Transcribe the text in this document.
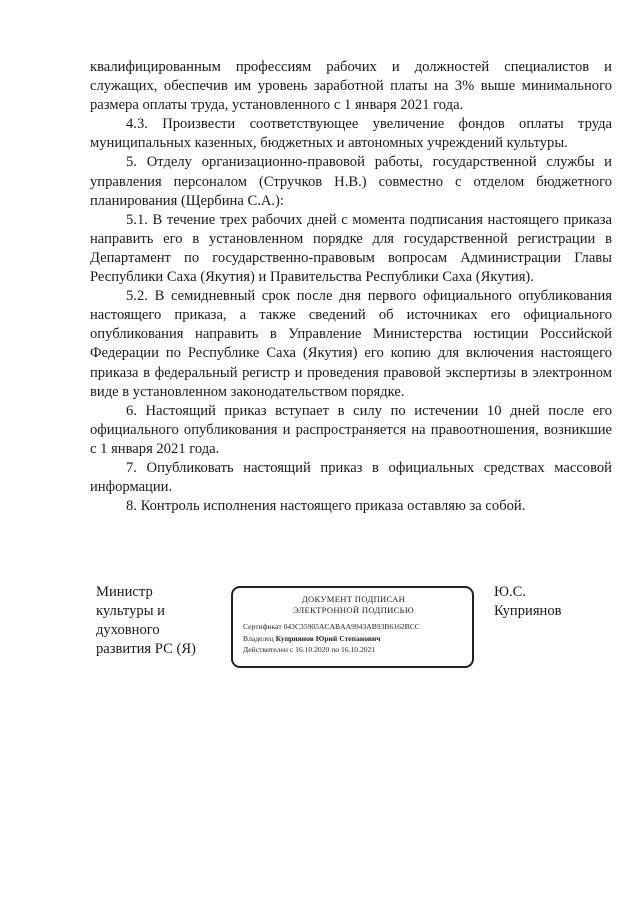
квалифицированным профессиям рабочих и должностей специалистов и служащих, обеспечив им уровень заработной платы на 3% выше минимального размера оплаты труда, установленного с 1 января 2021 года.

4.3. Произвести соответствующее увеличение фондов оплаты труда муниципальных казенных, бюджетных и автономных учреждений культуры.

5. Отделу организационно-правовой работы, государственной службы и управления персоналом (Стручков Н.В.) совместно с отделом бюджетного планирования (Щербина С.А.):

5.1. В течение трех рабочих дней с момента подписания настоящего приказа направить его в установленном порядке для государственной регистрации в Департамент по государственно-правовым вопросам Администрации Главы Республики Саха (Якутия) и Правительства Республики Саха (Якутия).

5.2. В семидневный срок после дня первого официального опубликования настоящего приказа, а также сведений об источниках его официального опубликования направить в Управление Министерства юстиции Российской Федерации по Республике Саха (Якутия) его копию для включения настоящего приказа в федеральный регистр и проведения правовой экспертизы в электронном виде в установленном законодательством порядке.

6. Настоящий приказ вступает в силу по истечении 10 дней после его официального опубликования и распространяется на правоотношения, возникшие с 1 января 2021 года.

7. Опубликовать настоящий приказ в официальных средствах массовой информации.

8. Контроль исполнения настоящего приказа оставляю за собой.

Министр
культуры и
духовного
развития РС (Я)
ДОКУМЕНТ ПОДПИСАН
ЭЛЕКТРОННОЙ ПОДПИСЬЮ
Сертификат 043C35905ACABAA9943AB93B6162BCC
Владелец Куприянов Юрий Степанович
Действителен с 16.10.2020 по 16.10.2021
Ю.С.
Куприянов
